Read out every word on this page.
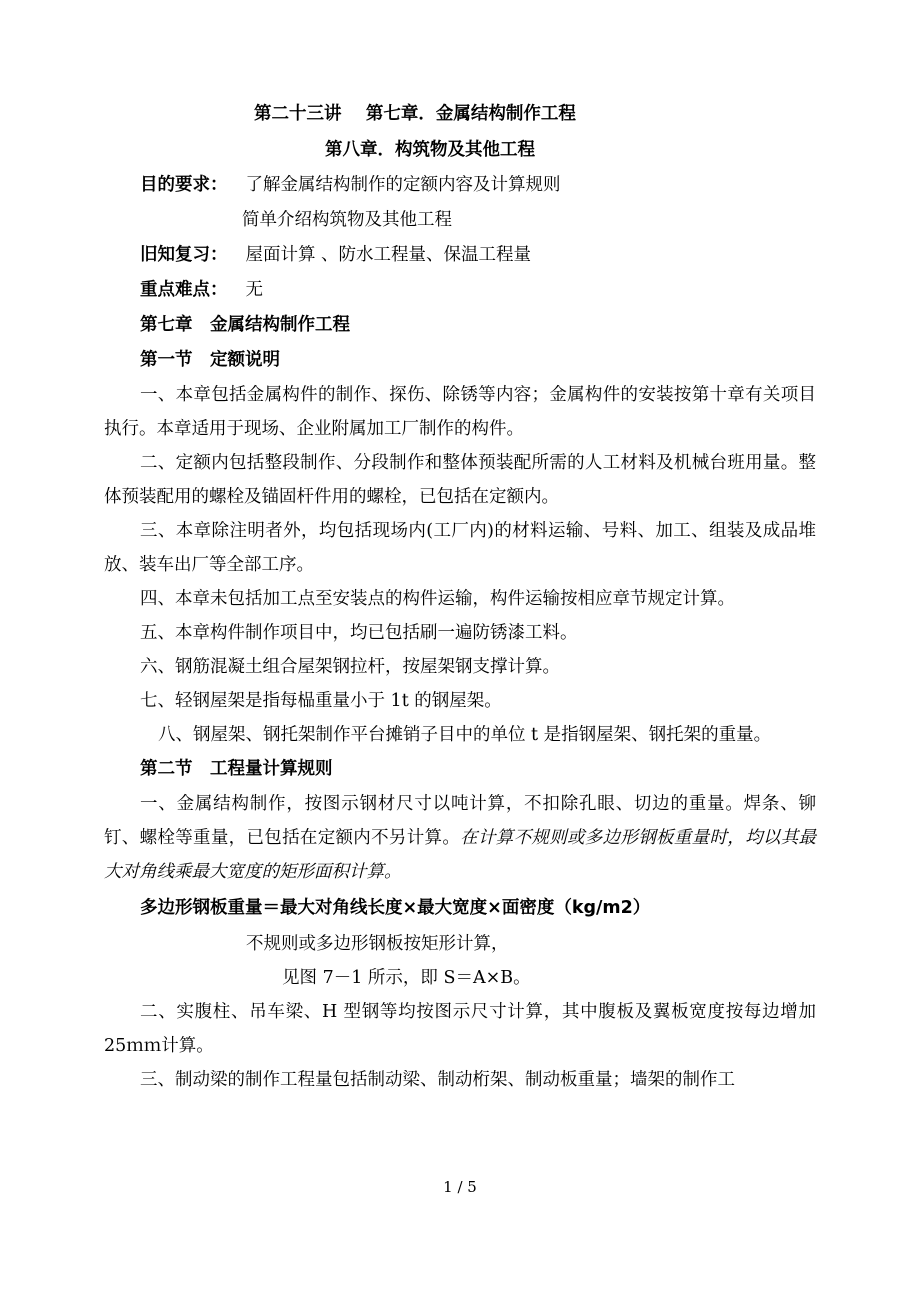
第二十三讲    第七章．金属结构制作工程
第八章．构筑物及其他工程
目的要求： 了解金属结构制作的定额内容及计算规则
简单介绍构筑物及其他工程
旧知复习： 屋面计算 、防水工程量、保温工程量
重点难点： 无
第七章　金属结构制作工程
第一节　定额说明
一、本章包括金属构件的制作、探伤、除锈等内容；金属构件的安装按第十章有关项目执行。本章适用于现场、企业附属加工厂制作的构件。
二、定额内包括整段制作、分段制作和整体预装配所需的人工材料及机械台班用量。整体预装配用的螺栓及锚固杆件用的螺栓，已包括在定额内。
三、本章除注明者外，均包括现场内(工厂内)的材料运输、号料、加工、组装及成品堆放、装车出厂等全部工序。
四、本章未包括加工点至安装点的构件运输，构件运输按相应章节规定计算。
五、本章构件制作项目中，均已包括刷一遍防锈漆工料。
六、钢筋混凝土组合屋架钢拉杆，按屋架钢支撑计算。
七、轻钢屋架是指每榀重量小于 1t 的钢屋架。
八、钢屋架、钢托架制作平台摊销子目中的单位 t 是指钢屋架、钢托架的重量。
第二节　工程量计算规则
一、金属结构制作，按图示钢材尺寸以吨计算，不扣除孔眼、切边的重量。焊条、铆钉、螺栓等重量，已包括在定额内不另计算。在计算不规则或多边形钢板重量时，均以其最大对角线乘最大宽度的矩形面积计算。
多边形钢板重量＝最大对角线长度×最大宽度×面密度（kg/m2）
不规则或多边形钢板按矩形计算，
见图 7－1 所示，即 S＝A×B。
二、实腹柱、吊车梁、H 型钢等均按图示尺寸计算，其中腹板及翼板宽度按每边增加 25ｍｍ计算。
三、制动梁的制作工程量包括制动梁、制动桁架、制动板重量；墙架的制作工
1 / 5
